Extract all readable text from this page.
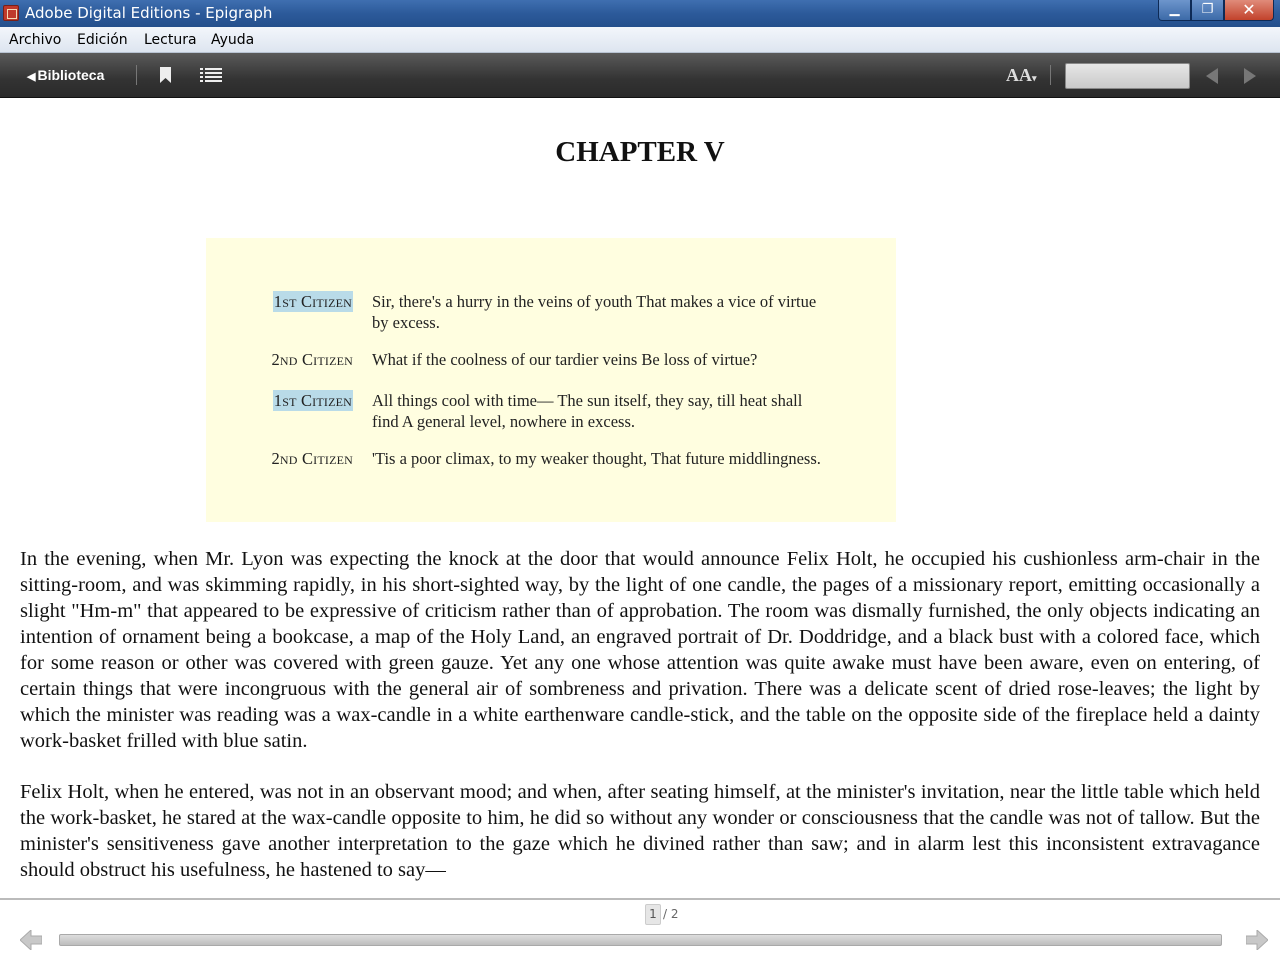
Adobe Digital Editions - Epigraph	▁	❐	✕
Archivo Edición Lectura Ayuda
◀ Biblioteca	AA▾
CHAPTER V
1st Citizen Sir, there's a hurry in the veins of youth That makes a vice of virtue by excess.
2nd Citizen What if the coolness of our tardier veins Be loss of virtue?
1st Citizen All things cool with time— The sun itself, they say, till heat shall find A general level, nowhere in excess.
2nd Citizen 'Tis a poor climax, to my weaker thought, That future middlingness.
In the evening, when Mr. Lyon was expecting the knock at the door that would announce Felix Holt, he occupied his cushionless arm-chair in the sitting-room, and was skimming rapidly, in his short-sighted way, by the light of one candle, the pages of a missionary report, emitting occasionally a slight "Hm-m" that appeared to be expressive of criticism rather than of approbation. The room was dismally furnished, the only objects indicating an intention of ornament being a bookcase, a map of the Holy Land, an engraved portrait of Dr. Doddridge, and a black bust with a colored face, which for some reason or other was covered with green gauze. Yet any one whose attention was quite awake must have been aware, even on entering, of certain things that were incongruous with the general air of sombreness and privation. There was a delicate scent of dried rose-leaves; the light by which the minister was reading was a wax-candle in a white earthenware candle-stick, and the table on the opposite side of the fireplace held a dainty work-basket frilled with blue satin.
Felix Holt, when he entered, was not in an observant mood; and when, after seating himself, at the minister's invitation, near the little table which held the work-basket, he stared at the wax-candle opposite to him, he did so without any wonder or consciousness that the candle was not of tallow. But the minister's sensitiveness gave another interpretation to the gaze which he divined rather than saw; and in alarm lest this inconsistent extravagance should obstruct his usefulness, he hastened to say—
1 / 2
